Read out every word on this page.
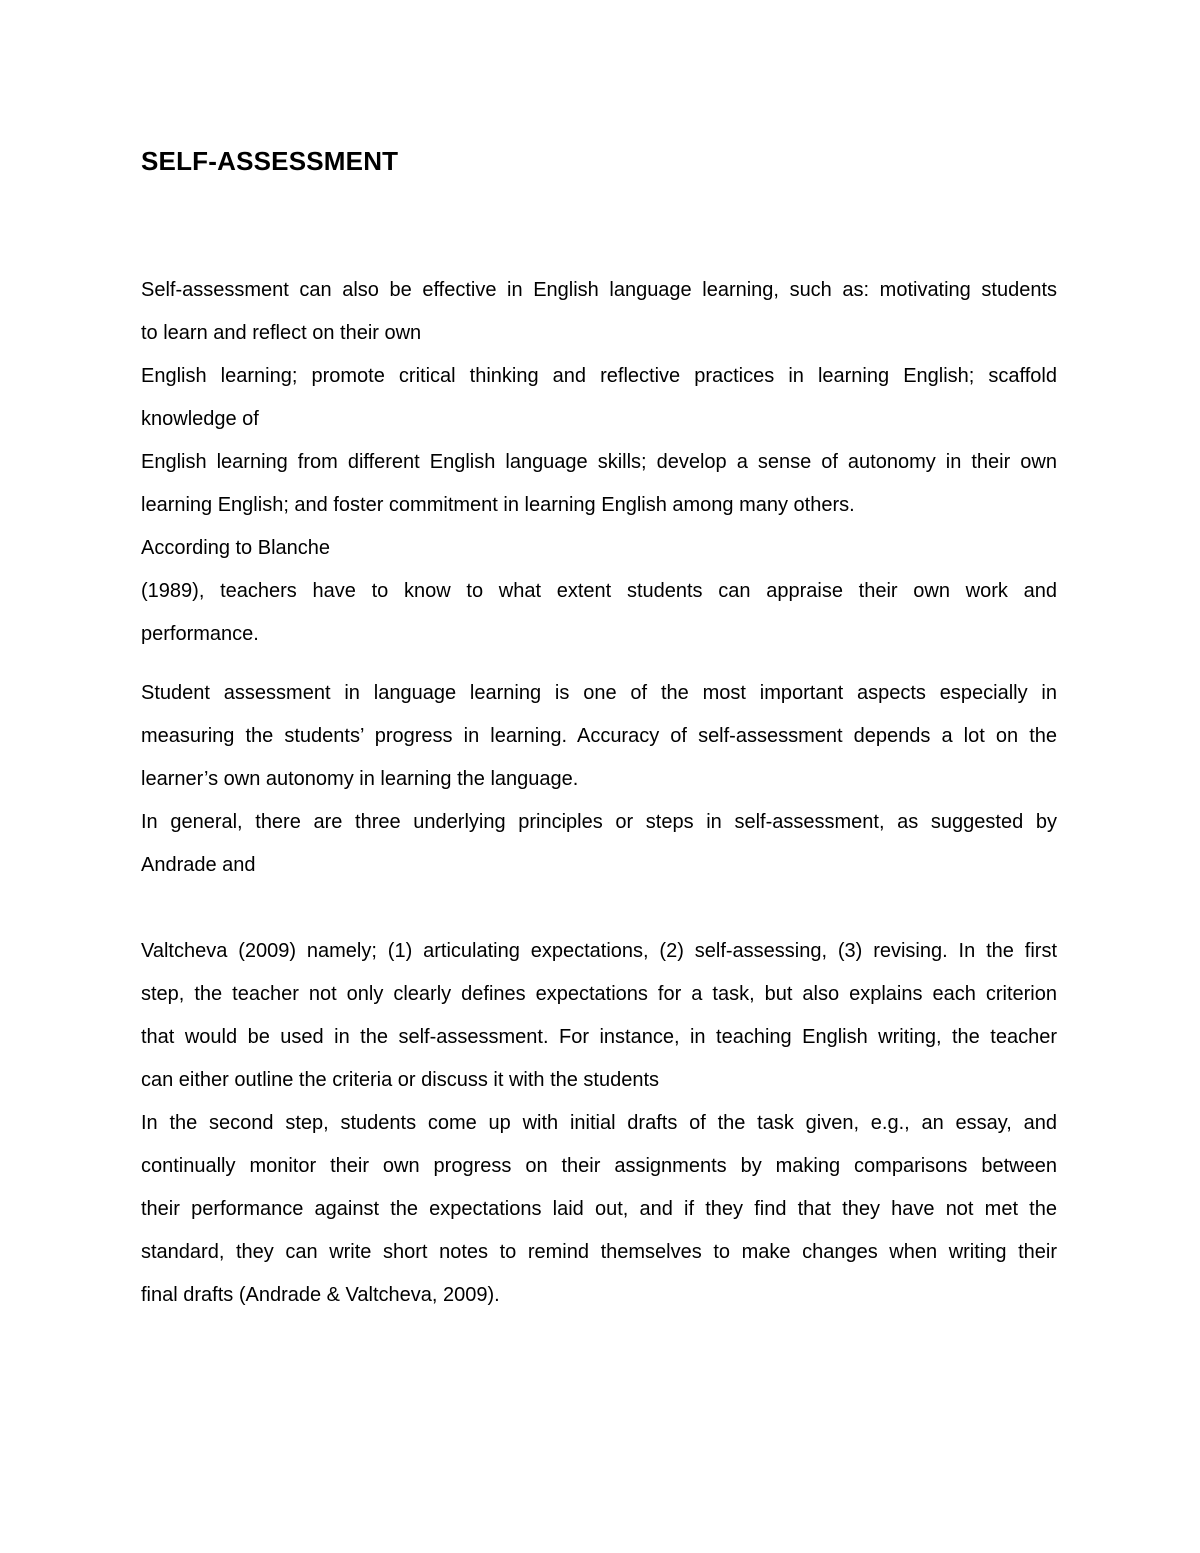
SELF-ASSESSMENT
Self-assessment can also be effective in English language learning, such as: motivating students
to learn and reflect on their own
English learning; promote critical thinking and reflective practices in learning English; scaffold
knowledge of
English learning from different English language skills; develop a sense of autonomy in their own
learning English; and foster commitment in learning English among many others.
According to Blanche
(1989), teachers have to know to what extent students can appraise their own work and
performance.
Student assessment in language learning is one of the most important aspects especially in
measuring the students’ progress in learning. Accuracy of self-assessment depends a lot on the
learner’s own autonomy in learning the language.
In general, there are three underlying principles or steps in self-assessment, as suggested by
Andrade and
Valtcheva (2009) namely; (1) articulating expectations, (2) self-assessing, (3) revising. In the first
step, the teacher not only clearly defines expectations for a task, but also explains each criterion
that would be used in the self-assessment. For instance, in teaching English writing, the teacher
can either outline the criteria or discuss it with the students
In the second step, students come up with initial drafts of the task given, e.g., an essay, and
continually monitor their own progress on their assignments by making comparisons between
their performance against the expectations laid out, and if they find that they have not met the
standard, they can write short notes to remind themselves to make changes when writing their
final drafts (Andrade & Valtcheva, 2009).
